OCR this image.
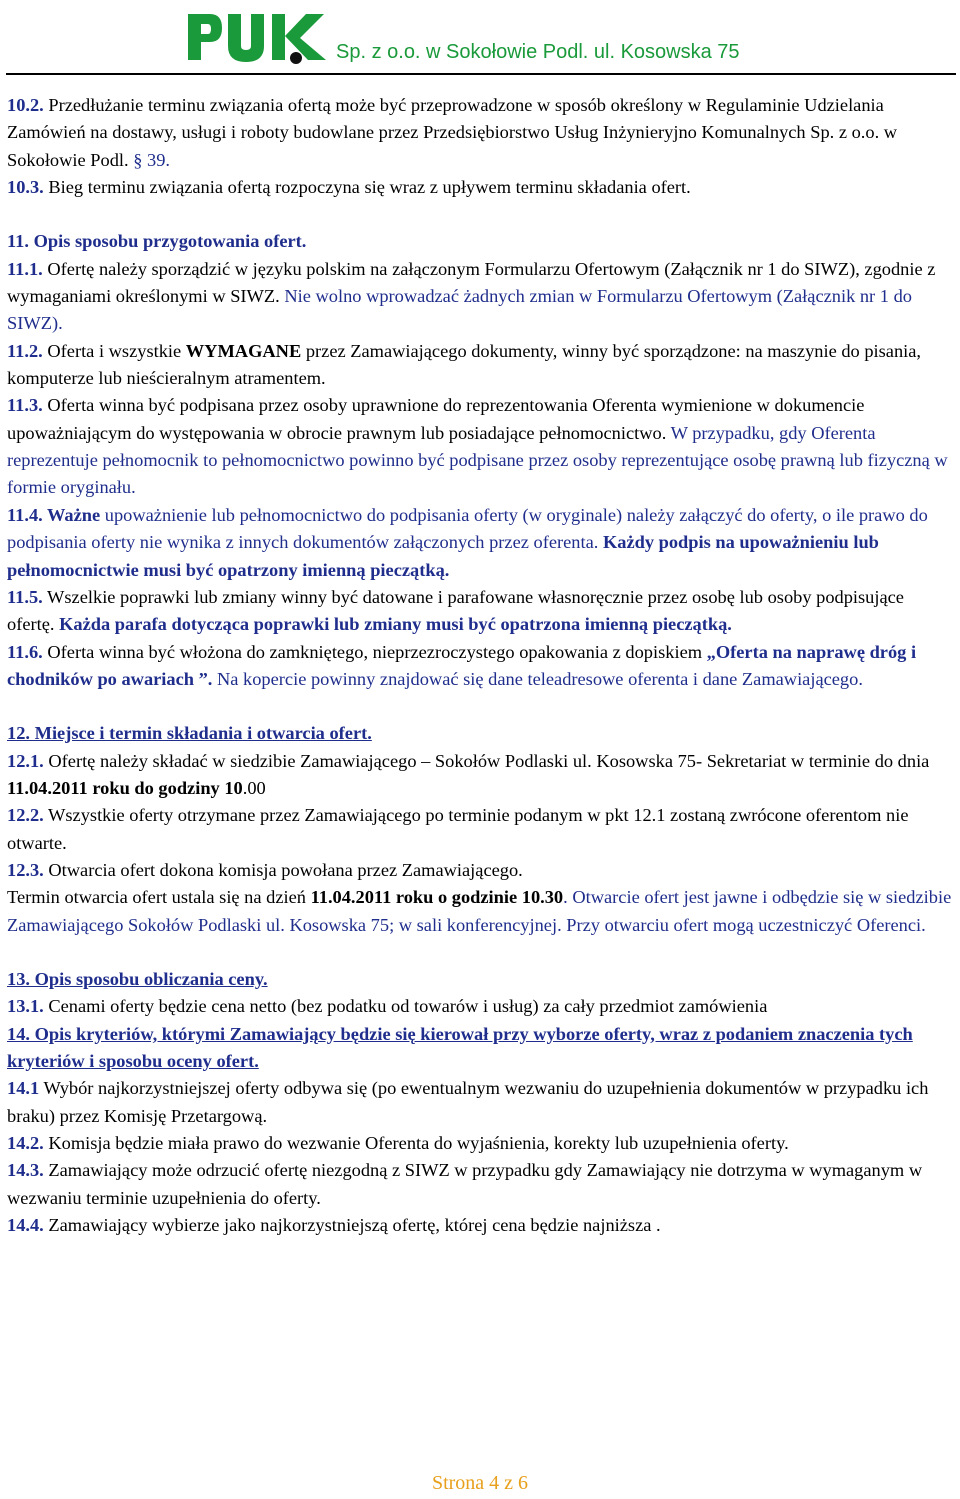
Sp. z o.o. w Sokołowie Podl. ul. Kosowska 75

10.2. Przedłużanie terminu związania ofertą może być przeprowadzone w sposób określony w Regulaminie Udzielania Zamówień na dostawy, usługi i roboty budowlane przez Przedsiębiorstwo Usług Inżynieryjno Komunalnych Sp. z o.o. w Sokołowie Podl. § 39.

10.3. Bieg terminu związania ofertą rozpoczyna się wraz z upływem terminu składania ofert.

11. Opis sposobu przygotowania ofert.

11.1. Ofertę należy sporządzić w języku polskim na załączonym Formularzu Ofertowym (Załącznik nr 1 do SIWZ), zgodnie z wymaganiami określonymi w SIWZ. Nie wolno wprowadzać żadnych zmian w Formularzu Ofertowym (Załącznik nr 1 do SIWZ).

11.2. Oferta i wszystkie WYMAGANE przez Zamawiającego dokumenty, winny być sporządzone: na maszynie do pisania, komputerze lub nieścieralnym atramentem.

11.3. Oferta winna być podpisana przez osoby uprawnione do reprezentowania Oferenta wymienione w dokumencie upoważniającym do występowania w obrocie prawnym lub posiadające pełnomocnictwo. W przypadku, gdy Oferenta reprezentuje pełnomocnik to pełnomocnictwo powinno być podpisane przez osoby reprezentujące osobę prawną lub fizyczną w formie oryginału.

11.4. Ważne upoważnienie lub pełnomocnictwo do podpisania oferty (w oryginale) należy załączyć do oferty, o ile prawo do podpisania oferty nie wynika z innych dokumentów załączonych przez oferenta. Każdy podpis na upoważnieniu lub pełnomocnictwie musi być opatrzony imienną pieczątką.

11.5. Wszelkie poprawki lub zmiany winny być datowane i parafowane własnoręcznie przez osobę lub osoby podpisujące ofertę. Każda parafa dotycząca poprawki lub zmiany musi być opatrzona imienną pieczątką.

11.6. Oferta winna być włożona do zamkniętego, nieprzezroczystego opakowania z dopiskiem „Oferta na naprawę dróg i chodników po awariach ”. Na kopercie powinny znajdować się dane teleadresowe oferenta i dane Zamawiającego.

12. Miejsce i termin składania i otwarcia ofert.

12.1. Ofertę należy składać w siedzibie Zamawiającego – Sokołów Podlaski ul. Kosowska 75- Sekretariat w terminie do dnia 11.04.2011 roku do godziny 10.00

12.2. Wszystkie oferty otrzymane przez Zamawiającego po terminie podanym w pkt 12.1 zostaną zwrócone oferentom nie otwarte.

12.3. Otwarcia ofert dokona komisja powołana przez Zamawiającego.
Termin otwarcia ofert ustala się na dzień 11.04.2011 roku o godzinie 10.30. Otwarcie ofert jest jawne i odbędzie się w siedzibie Zamawiającego Sokołów Podlaski ul. Kosowska 75; w sali konferencyjnej. Przy otwarciu ofert mogą uczestniczyć Oferenci.

13. Opis sposobu obliczania ceny.

13.1. Cenami oferty będzie cena netto (bez podatku od towarów i usług) za cały przedmiot zamówienia

14. Opis kryteriów, którymi Zamawiający będzie się kierował przy wyborze oferty, wraz z podaniem znaczenia tych kryteriów i sposobu oceny ofert.

14.1 Wybór najkorzystniejszej oferty odbywa się (po ewentualnym wezwaniu do uzupełnienia dokumentów w przypadku ich braku) przez Komisję Przetargową.

14.2. Komisja będzie miała prawo do wezwanie Oferenta do wyjaśnienia, korekty lub uzupełnienia oferty.

14.3. Zamawiający może odrzucić ofertę niezgodną z SIWZ w przypadku gdy Zamawiający nie dotrzyma w wymaganym w wezwaniu terminie uzupełnienia do oferty.

14.4. Zamawiający wybierze jako najkorzystniejszą ofertę, której cena będzie najniższa .

Strona 4 z 6
